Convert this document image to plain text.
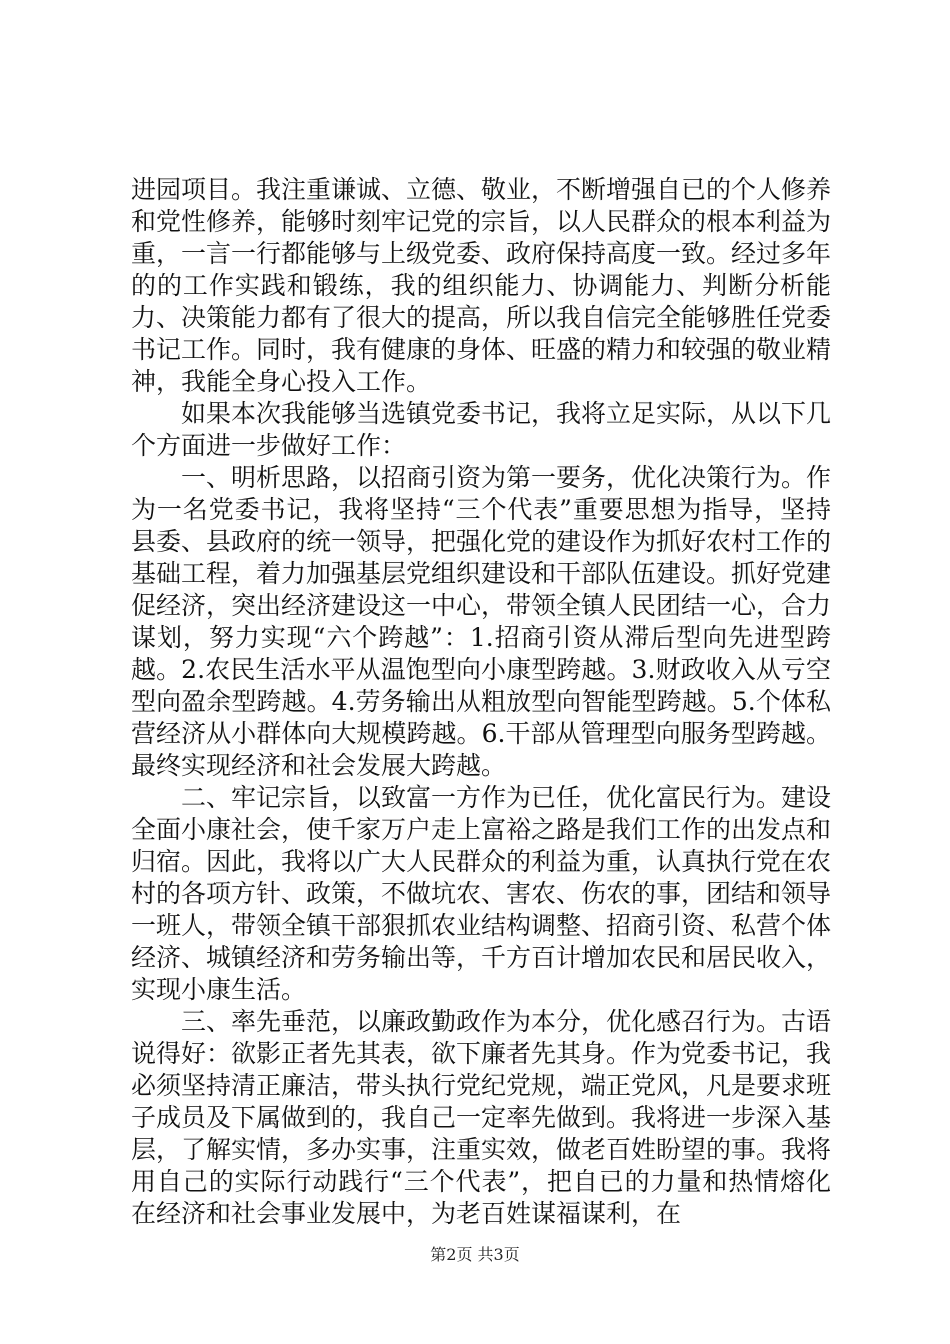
进园项目。我注重谦诚、立德、敬业，不断增强自已的个人修养和党性修养，能够时刻牢记党的宗旨，以人民群众的根本利益为重，一言一行都能够与上级党委、政府保持高度一致。经过多年的的工作实践和锻练，我的组织能力、协调能力、判断分析能力、决策能力都有了很大的提高，所以我自信完全能够胜任党委书记工作。同时，我有健康的身体、旺盛的精力和较强的敬业精神，我能全身心投入工作。

如果本次我能够当选镇党委书记，我将立足实际，从以下几个方面进一步做好工作：

一、明析思路，以招商引资为第一要务，优化决策行为。作为一名党委书记，我将坚持“三个代表”重要思想为指导，坚持县委、县政府的统一领导，把强化党的建设作为抓好农村工作的基础工程，着力加强基层党组织建设和干部队伍建设。抓好党建促经济，突出经济建设这一中心，带领全镇人民团结一心，合力谋划，努力实现“六个跨越”：1.招商引资从滞后型向先进型跨越。2.农民生活水平从温饱型向小康型跨越。3.财政收入从亏空型向盈余型跨越。4.劳务输出从粗放型向智能型跨越。5.个体私营经济从小群体向大规模跨越。6.干部从管理型向服务型跨越。最终实现经济和社会发展大跨越。

二、牢记宗旨，以致富一方作为已任，优化富民行为。建设全面小康社会，使千家万户走上富裕之路是我们工作的出发点和归宿。因此，我将以广大人民群众的利益为重，认真执行党在农村的各项方针、政策，不做坑农、害农、伤农的事，团结和领导一班人，带领全镇干部狠抓农业结构调整、招商引资、私营个体经济、城镇经济和劳务输出等，千方百计增加农民和居民收入，实现小康生活。

三、率先垂范，以廉政勤政作为本分，优化感召行为。古语说得好：欲影正者先其表，欲下廉者先其身。作为党委书记，我必须坚持清正廉洁，带头执行党纪党规，端正党风，凡是要求班子成员及下属做到的，我自己一定率先做到。我将进一步深入基层，了解实情，多办实事，注重实效，做老百姓盼望的事。我将用自己的实际行动践行“三个代表”，把自已的力量和热情熔化在经济和社会事业发展中，为老百姓谋福谋利，在

第2页 共3页
